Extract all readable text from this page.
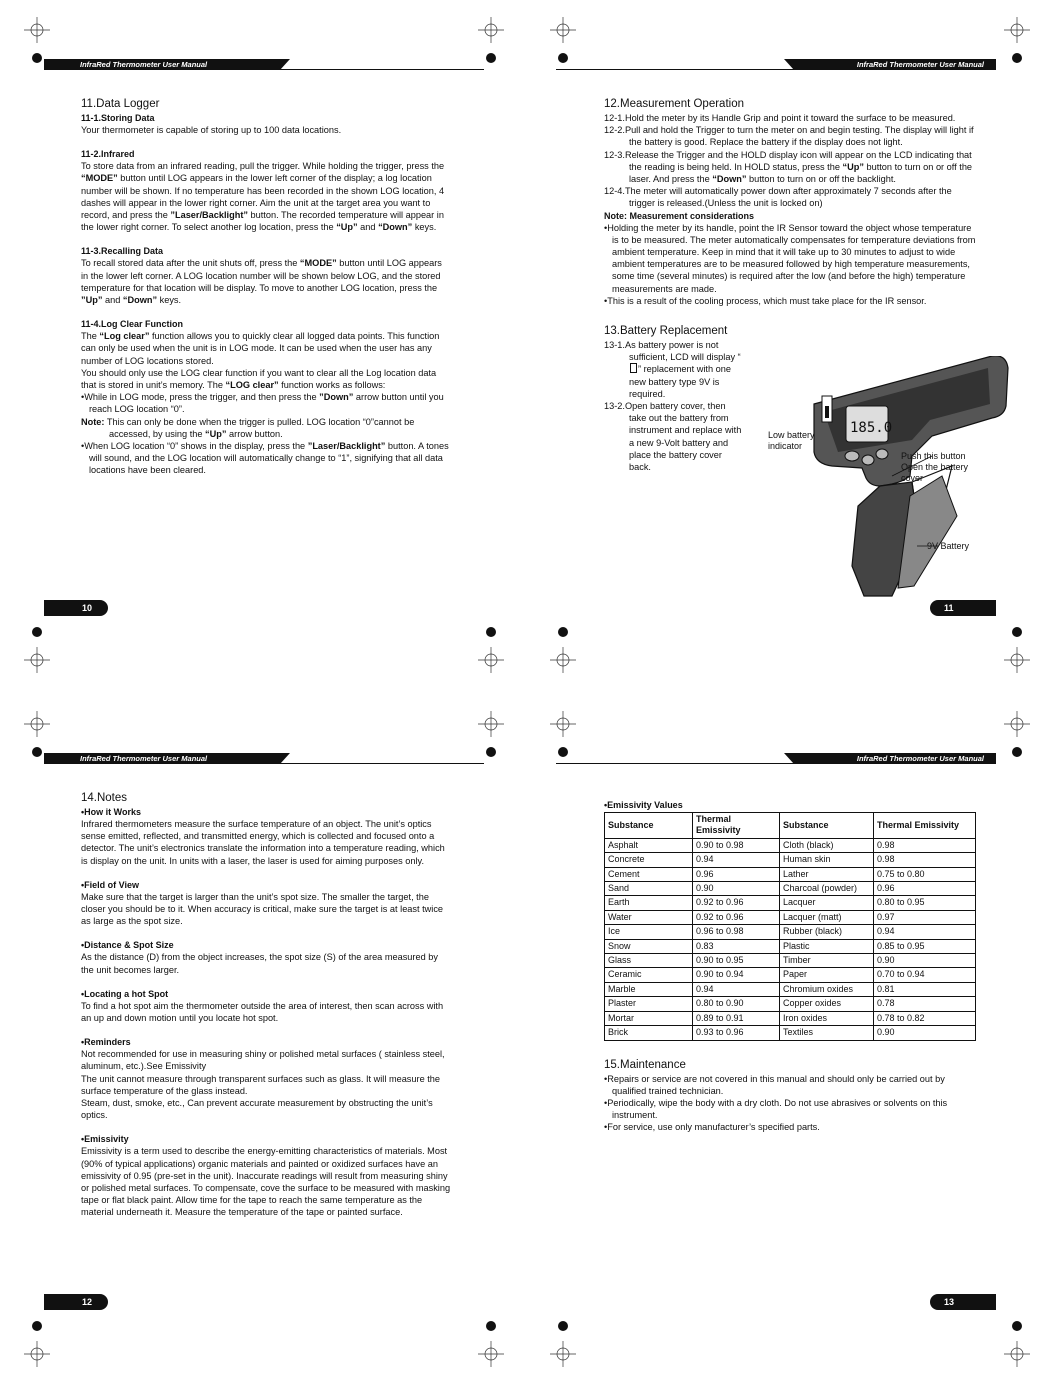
InfraRed Thermometer User Manual
11.Data Logger
11-1.Storing Data

Your thermometer is capable of storing up to 100 data locations.

11-2.Infrared

To store data from an infrared reading, pull the trigger. While holding the trigger, press the “MODE” button until LOG appears in the lower left corner of the display; a log location number will be shown. If no temperature has been recorded in the shown LOG location, 4 dashes will appear in the lower right corner. Aim the unit at the target area you want to record, and press the ”Laser/Backlight” button. The recorded temperature will appear in the lower right corner. To select another log location, press the “Up” and “Down” keys.

11-3.Recalling Data

To recall stored data after the unit shuts off, press the “MODE” button until LOG appears in the lower left corner. A LOG location number will be shown below LOG, and the stored temperature for that location will be display. To move to another LOG location, press the ”Up” and “Down” keys.

11-4.Log Clear Function

The “Log clear” function allows you to quickly clear all logged data points. This function can only be used when the unit is in LOG mode. It can be used when the user has any number of LOG locations stored.

You should only use the LOG clear function if you want to clear all the Log location data that is stored in unit’s memory. The “LOG clear” function works as follows:

•While in LOG mode, press the trigger, and then press the ”Down” arrow button until you reach LOG location “0”.

Note: This can only be done when the trigger is pulled. LOG location “0”cannot be accessed, by using the “Up” arrow button.

•When LOG location “0” shows in the display, press the ”Laser/Backlight” button. A tones will sound, and the LOG location will automatically change to “1”, signifying that all data locations have been cleared.

10
InfraRed Thermometer User Manual
12.Measurement Operation

12-1.Hold the meter by its Handle Grip and point it toward the surface to be measured.

12-2.Pull and hold the Trigger to turn the meter on and begin testing. The display will light if the battery is good. Replace the battery if the display does not light.

12-3.Release the Trigger and the HOLD display icon will appear on the LCD indicating that the reading is being held. In HOLD status, press the “Up” button to turn on or off the laser. And press the “Down” button to turn on or off the backlight.

12-4.The meter will automatically power down after approximately 7 seconds after the trigger is released.(Unless the unit is locked on)

Note: Measurement considerations

•Holding the meter by its handle, point the IR Sensor toward the object whose temperature is to be measured. The meter automatically compensates for temperature deviations from ambient temperature. Keep in mind that it will take up to 30 minutes to adjust to wide ambient temperatures are to be measured followed by high temperature measurements, some time (several minutes) is required after the low (and before the high) temperature measurements are made.

•This is a result of the cooling process, which must take place for the IR sensor.

13.Battery Replacement

13-1.As battery power is not sufficient, LCD will display “” replacement with one new battery type 9V is required.

13-2.Open battery cover, then take out the battery from instrument and replace with a new 9-Volt battery and place the battery cover back.

185.0
Low battery indicator
Push this button Open the battery cover
9V Battery
11
InfraRed Thermometer User Manual
14.Notes
•How it Works

Infrared thermometers measure the surface temperature of an object. The unit’s optics sense emitted, reflected, and transmitted energy, which is collected and focused onto a detector. The unit’s electronics translate the information into a temperature reading, which is display on the unit. In units with a laser, the laser is used for aiming purposes only.

•Field of View

Make sure that the target is larger than the unit’s spot size. The smaller the target, the closer you should be to it. When accuracy is critical, make sure the target is at least twice as large as the spot size.

•Distance & Spot Size

As the distance (D) from the object increases, the spot size (S) of the area measured by the unit becomes larger.

•Locating a hot Spot

To find a hot spot aim the thermometer outside the area of interest, then scan across with an up and down motion until you locate hot spot.

•Reminders

Not recommended for use in measuring shiny or polished metal surfaces ( stainless steel, aluminum, etc.).See Emissivity

The unit cannot measure through transparent surfaces such as glass. It will measure the surface temperature of the glass instead.

Steam, dust, smoke, etc., Can prevent accurate measurement by obstructing the unit’s optics.

•Emissivity

Emissivity is a term used to describe the energy-emitting characteristics of materials. Most (90% of typical applications) organic materials and painted or oxidized surfaces have an emissivity of 0.95 (pre-set in the unit). Inaccurate readings will result from measuring shiny or polished metal surfaces. To compensate, cove the surface to be measured with masking tape or flat black paint. Allow time for the tape to reach the same temperature as the material underneath it. Measure the temperature of the tape or painted surface.

12
InfraRed Thermometer User Manual
•Emissivity Values
Substance	Thermal Emissivity	Substance	Thermal Emissivity
Asphalt	0.90 to 0.98	Cloth (black)	0.98
Concrete	0.94	Human skin	0.98
Cement	0.96	Lather	0.75 to 0.80
Sand	0.90	Charcoal (powder)	0.96
Earth	0.92 to 0.96	Lacquer	0.80 to 0.95
Water	0.92 to 0.96	Lacquer (matt)	0.97
Ice	0.96 to 0.98	Rubber (black)	0.94
Snow	0.83	Plastic	0.85 to 0.95
Glass	0.90 to 0.95	Timber	0.90
Ceramic	0.90 to 0.94	Paper	0.70 to 0.94
Marble	0.94	Chromium oxides	0.81
Plaster	0.80 to 0.90	Copper oxides	0.78
Mortar	0.89 to 0.91	Iron oxides	0.78 to 0.82
Brick	0.93 to 0.96	Textiles	0.90
15.Maintenance

•Repairs or service are not covered in this manual and should only be carried out by qualified trained technician.

•Periodically, wipe the body with a dry cloth. Do not use abrasives or solvents on this instrument.

•For service, use only manufacturer’s specified parts.

13
